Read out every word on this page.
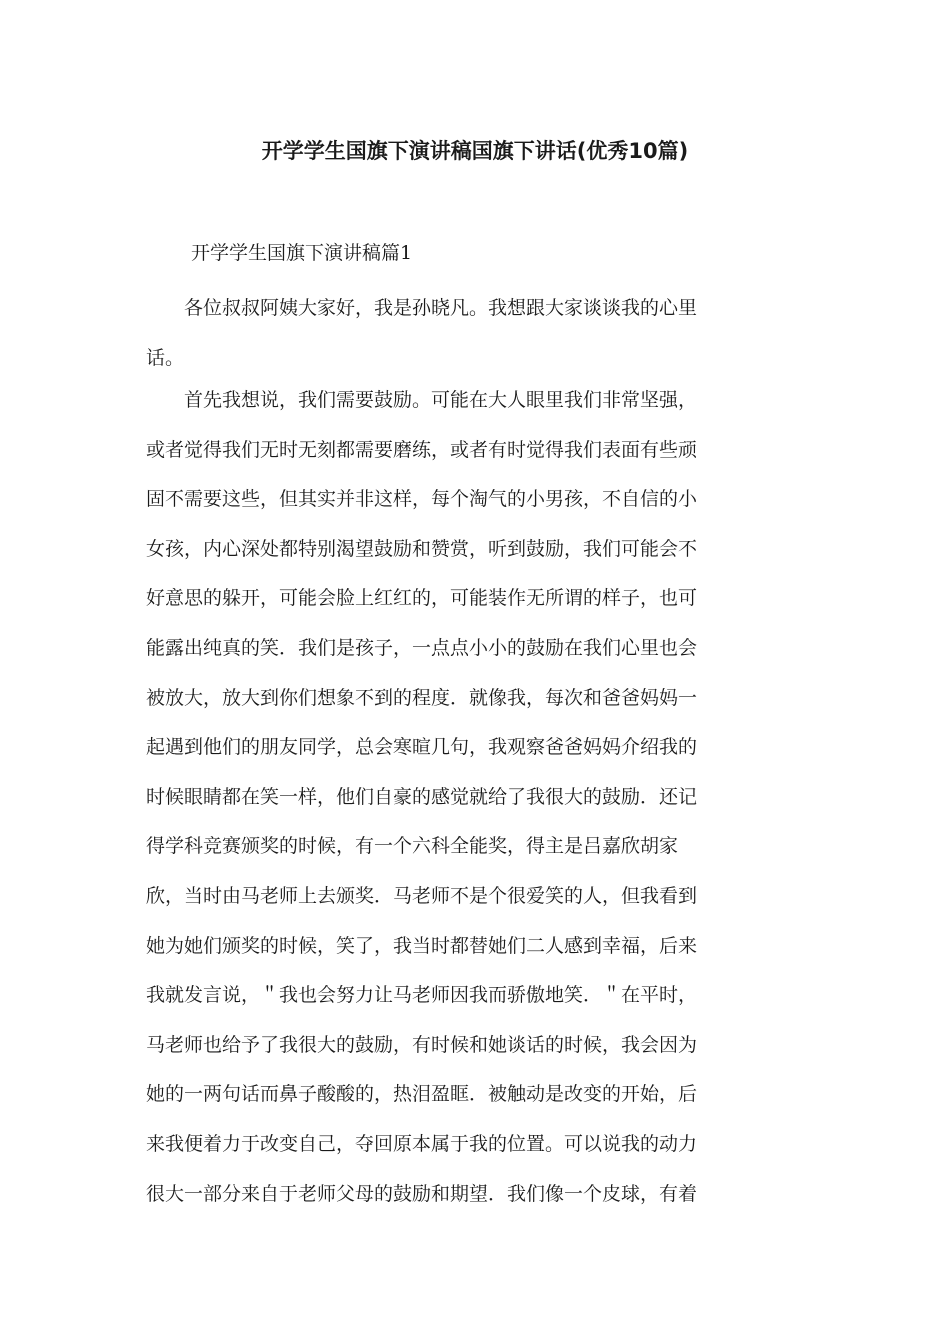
开学学生国旗下演讲稿国旗下讲话(优秀10篇)
开学学生国旗下演讲稿篇1
　　各位叔叔阿姨大家好，我是孙晓凡。我想跟大家谈谈我的心里
话。
　　首先我想说，我们需要鼓励。可能在大人眼里我们非常坚强，
或者觉得我们无时无刻都需要磨练，或者有时觉得我们表面有些顽
固不需要这些，但其实并非这样，每个淘气的小男孩，不自信的小
女孩，内心深处都特别渴望鼓励和赞赏，听到鼓励，我们可能会不
好意思的躲开，可能会脸上红红的，可能装作无所谓的样子，也可
能露出纯真的笑．我们是孩子，一点点小小的鼓励在我们心里也会
被放大，放大到你们想象不到的程度．就像我，每次和爸爸妈妈一
起遇到他们的朋友同学，总会寒暄几句，我观察爸爸妈妈介绍我的
时候眼睛都在笑一样，他们自豪的感觉就给了我很大的鼓励．还记
得学科竞赛颁奖的时候，有一个六科全能奖，得主是吕嘉欣胡家
欣，当时由马老师上去颁奖．马老师不是个很爱笑的人，但我看到
她为她们颁奖的时候，笑了，我当时都替她们二人感到幸福，后来
我就发言说，＂我也会努力让马老师因我而骄傲地笑．＂在平时，
马老师也给予了我很大的鼓励，有时候和她谈话的时候，我会因为
她的一两句话而鼻子酸酸的，热泪盈眶．被触动是改变的开始，后
来我便着力于改变自己，夺回原本属于我的位置。可以说我的动力
很大一部分来自于老师父母的鼓励和期望．我们像一个皮球，有着
